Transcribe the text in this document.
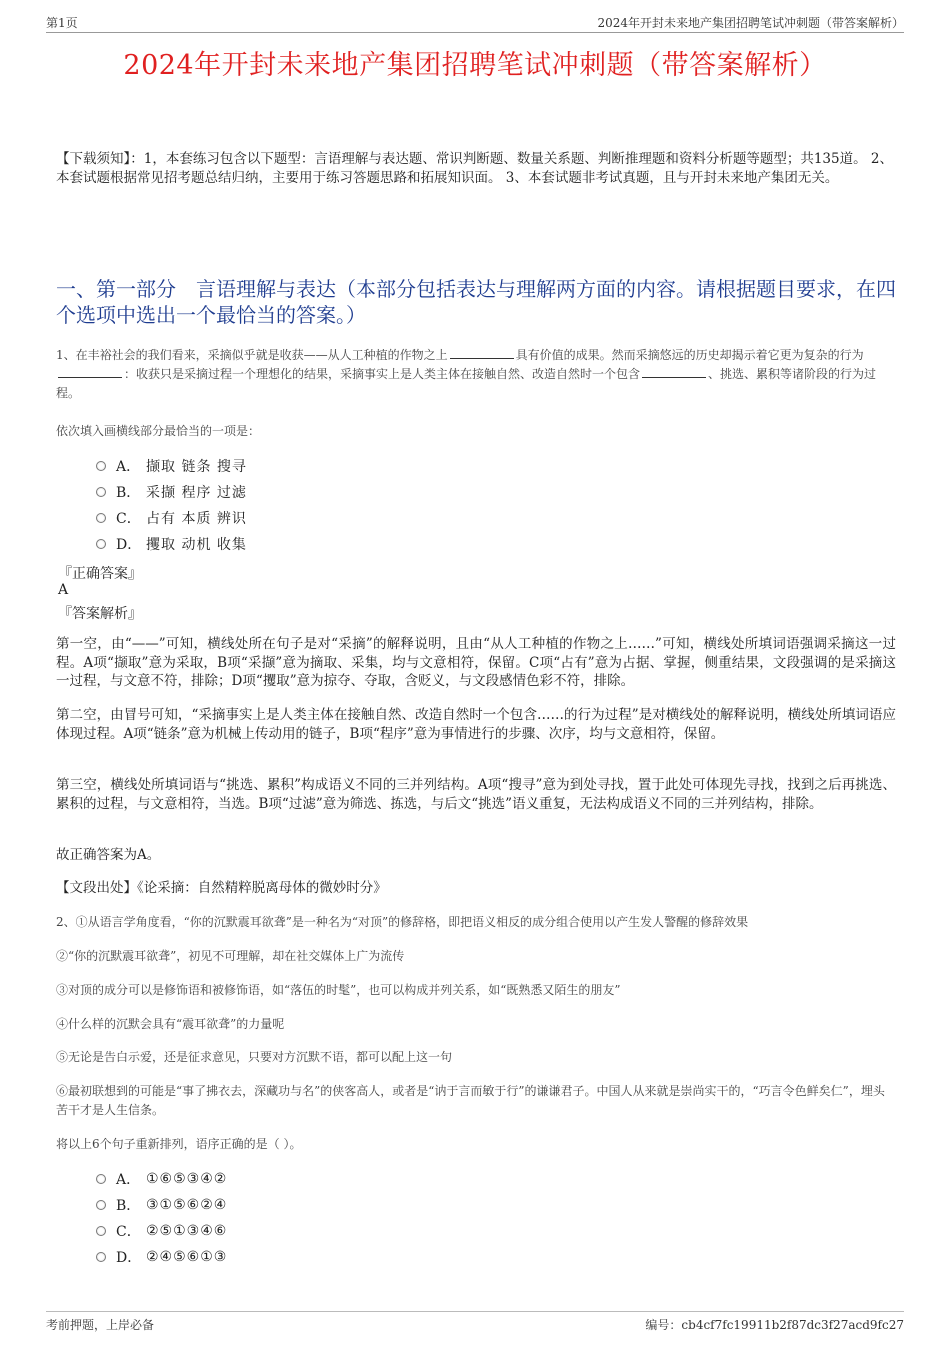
第1页	2024年开封未来地产集团招聘笔试冲刺题（带答案解析）
2024年开封未来地产集团招聘笔试冲刺题（带答案解析）
【下载须知】：1，本套练习包含以下题型：言语理解与表达题、常识判断题、数量关系题、判断推理题和资料分析题等题型；共135道。 2、本套试题根据常见招考题总结归纳，主要用于练习答题思路和拓展知识面。 3、本套试题非考试真题，且与开封未来地产集团无关。
一、第一部分　言语理解与表达（本部分包括表达与理解两方面的内容。请根据题目要求，在四个选项中选出一个最恰当的答案。）
1、在丰裕社会的我们看来，采摘似乎就是收获——从人工种植的作物之上	具有价值的成果。然而采摘悠远的历史却揭示着它更为复杂的行为：收获只是采摘过程一个理想化的结果，采摘事实上是人类主体在接触自然、改造自然时一个包含	、挑选、累积等诸阶段的行为过程。
依次填入画横线部分最恰当的一项是：
A． 撷取 链条 搜寻
B． 采撷 程序 过滤
C． 占有 本质 辨识
D． 攫取 动机 收集
『正确答案』
A
『答案解析』
第一空，由“——”可知，横线处所在句子是对“采摘”的解释说明，且由“从人工种植的作物之上……”可知，横线处所填词语强调采摘这一过程。A项“撷取”意为采取，B项“采撷”意为摘取、采集，均与文意相符，保留。C项“占有”意为占据、掌握，侧重结果，文段强调的是采摘这一过程，与文意不符，排除；D项“攫取”意为掠夺、夺取，含贬义，与文段感情色彩不符，排除。
第二空，由冒号可知，“采摘事实上是人类主体在接触自然、改造自然时一个包含……的行为过程”是对横线处的解释说明，横线处所填词语应体现过程。A项“链条”意为机械上传动用的链子，B项“程序”意为事情进行的步骤、次序，均与文意相符，保留。
第三空，横线处所填词语与“挑选、累积”构成语义不同的三并列结构。A项“搜寻”意为到处寻找，置于此处可体现先寻找，找到之后再挑选、累积的过程，与文意相符，当选。B项“过滤”意为筛选、拣选，与后文“挑选”语义重复，无法构成语义不同的三并列结构，排除。
故正确答案为A。
【文段出处】《论采摘：自然精粹脱离母体的微妙时分》
2、①从语言学角度看，“你的沉默震耳欲聋”是一种名为“对顶”的修辞格，即把语义相反的成分组合使用以产生发人警醒的修辞效果
②“你的沉默震耳欲聋”，初见不可理解，却在社交媒体上广为流传
③对顶的成分可以是修饰语和被修饰语，如“落伍的时髦”，也可以构成并列关系，如“既熟悉又陌生的朋友”
④什么样的沉默会具有“震耳欲聋”的力量呢
⑤无论是告白示爱，还是征求意见，只要对方沉默不语，都可以配上这一句
⑥最初联想到的可能是“事了拂衣去，深藏功与名”的侠客高人，或者是“讷于言而敏于行”的谦谦君子。中国人从来就是崇尚实干的，“巧言令色鲜矣仁”，埋头苦干才是人生信条。
将以上6个句子重新排列，语序正确的是（ ）。
A． ①⑥⑤③④②
B． ③①⑤⑥②④
C． ②⑤①③④⑥
D． ②④⑤⑥①③
考前押题，上岸必备	编号：cb4cf7fc19911b2f87dc3f27acd9fc27
